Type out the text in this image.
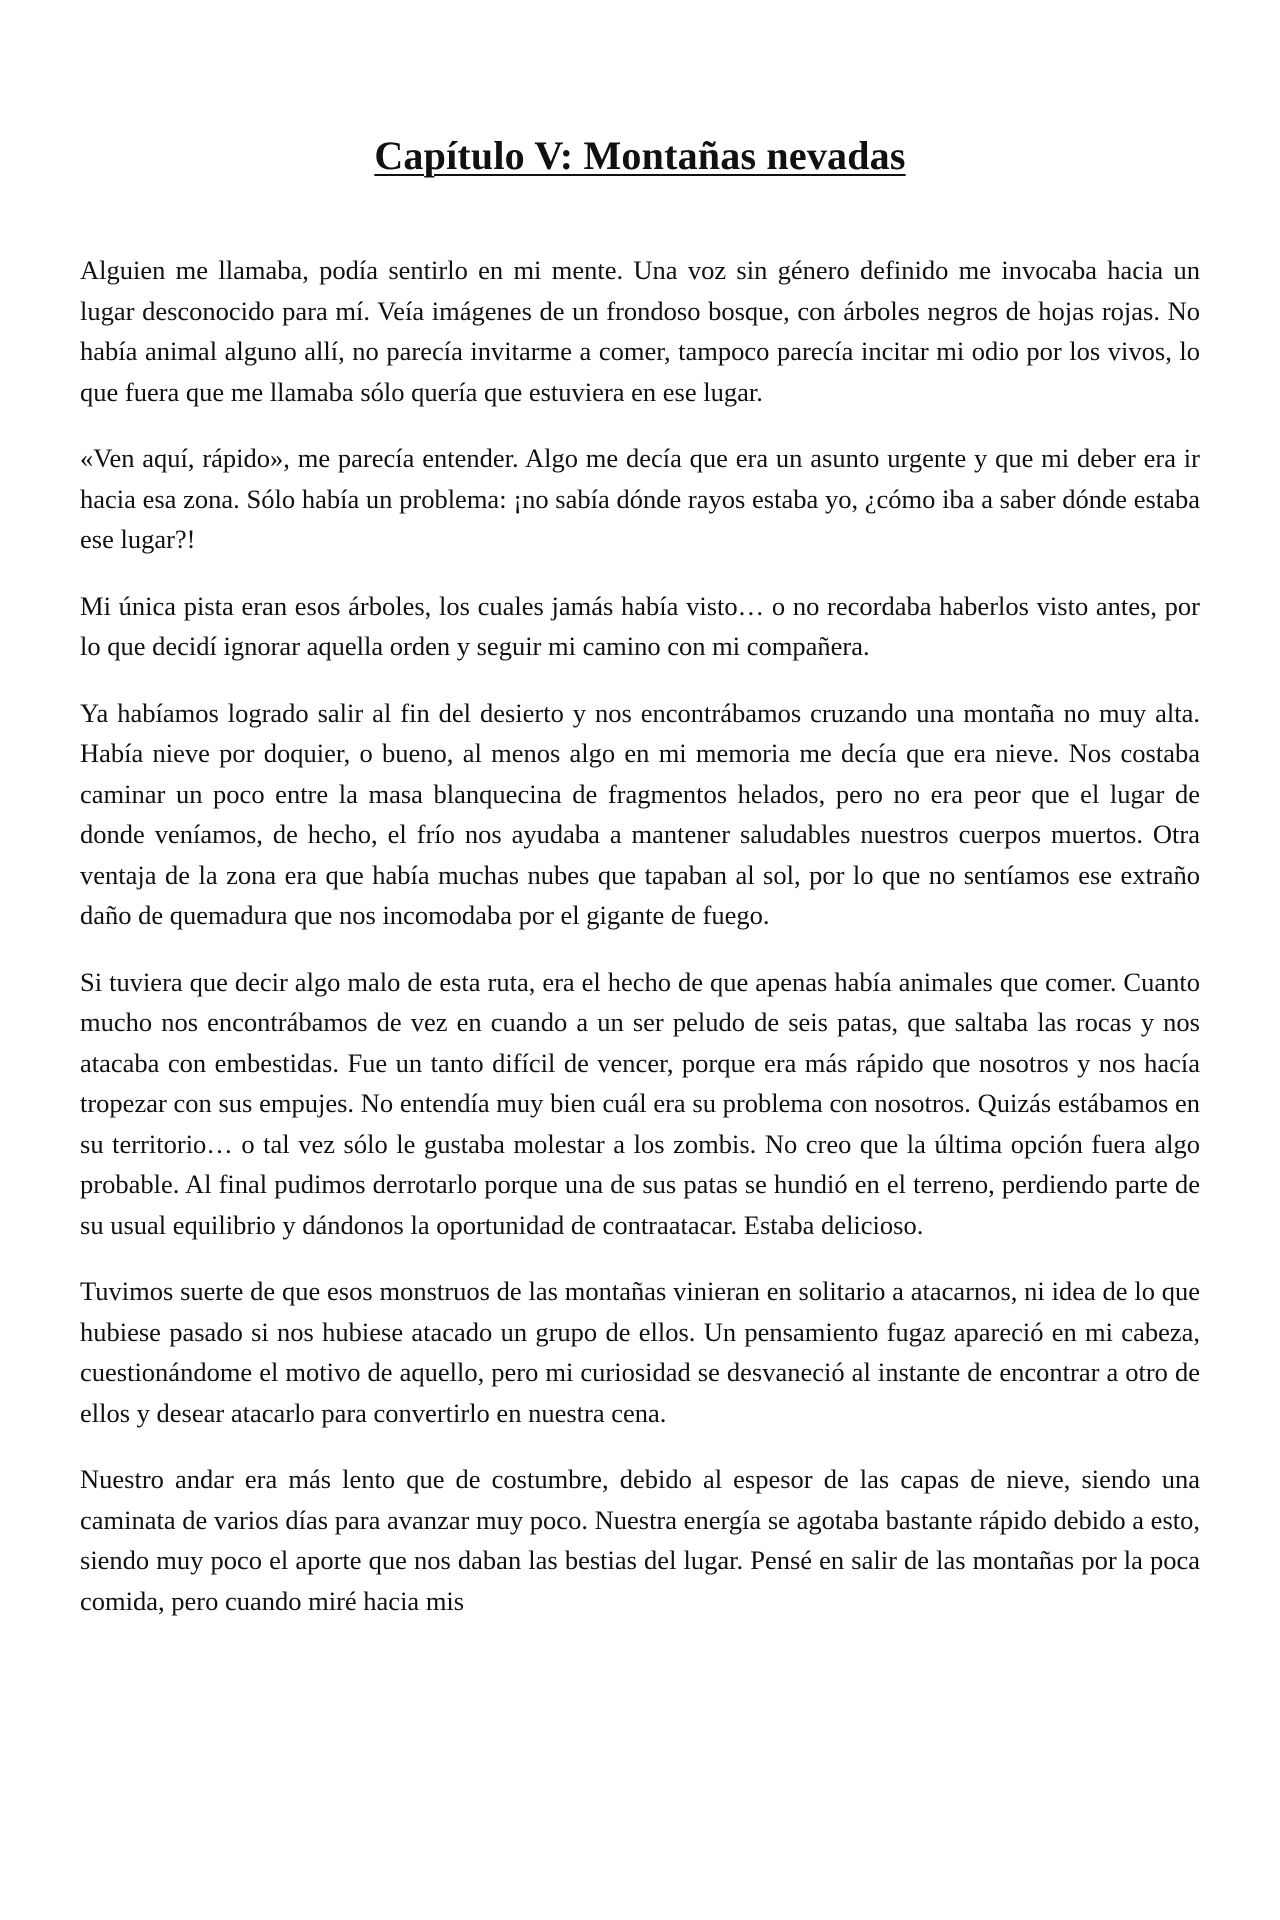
Capítulo V: Montañas nevadas

Alguien me llamaba, podía sentirlo en mi mente. Una voz sin género definido me invocaba hacia un lugar desconocido para mí. Veía imágenes de un frondoso bosque, con árboles negros de hojas rojas. No había animal alguno allí, no parecía invitarme a comer, tampoco parecía incitar mi odio por los vivos, lo que fuera que me llamaba sólo quería que estuviera en ese lugar.

«Ven aquí, rápido», me parecía entender. Algo me decía que era un asunto urgente y que mi deber era ir hacia esa zona. Sólo había un problema: ¡no sabía dónde rayos estaba yo, ¿cómo iba a saber dónde estaba ese lugar?!

Mi única pista eran esos árboles, los cuales jamás había visto… o no recordaba haberlos visto antes, por lo que decidí ignorar aquella orden y seguir mi camino con mi compañera.

Ya habíamos logrado salir al fin del desierto y nos encontrábamos cruzando una montaña no muy alta. Había nieve por doquier, o bueno, al menos algo en mi memoria me decía que era nieve. Nos costaba caminar un poco entre la masa blanquecina de fragmentos helados, pero no era peor que el lugar de donde veníamos, de hecho, el frío nos ayudaba a mantener saludables nuestros cuerpos muertos. Otra ventaja de la zona era que había muchas nubes que tapaban al sol, por lo que no sentíamos ese extraño daño de quemadura que nos incomodaba por el gigante de fuego.

Si tuviera que decir algo malo de esta ruta, era el hecho de que apenas había animales que comer. Cuanto mucho nos encontrábamos de vez en cuando a un ser peludo de seis patas, que saltaba las rocas y nos atacaba con embestidas. Fue un tanto difícil de vencer, porque era más rápido que nosotros y nos hacía tropezar con sus empujes. No entendía muy bien cuál era su problema con nosotros. Quizás estábamos en su territorio… o tal vez sólo le gustaba molestar a los zombis. No creo que la última opción fuera algo probable. Al final pudimos derrotarlo porque una de sus patas se hundió en el terreno, perdiendo parte de su usual equilibrio y dándonos la oportunidad de contraatacar. Estaba delicioso.

Tuvimos suerte de que esos monstruos de las montañas vinieran en solitario a atacarnos, ni idea de lo que hubiese pasado si nos hubiese atacado un grupo de ellos. Un pensamiento fugaz apareció en mi cabeza, cuestionándome el motivo de aquello, pero mi curiosidad se desvaneció al instante de encontrar a otro de ellos y desear atacarlo para convertirlo en nuestra cena.

Nuestro andar era más lento que de costumbre, debido al espesor de las capas de nieve, siendo una caminata de varios días para avanzar muy poco. Nuestra energía se agotaba bastante rápido debido a esto, siendo muy poco el aporte que nos daban las bestias del lugar. Pensé en salir de las montañas por la poca comida, pero cuando miré hacia mis
